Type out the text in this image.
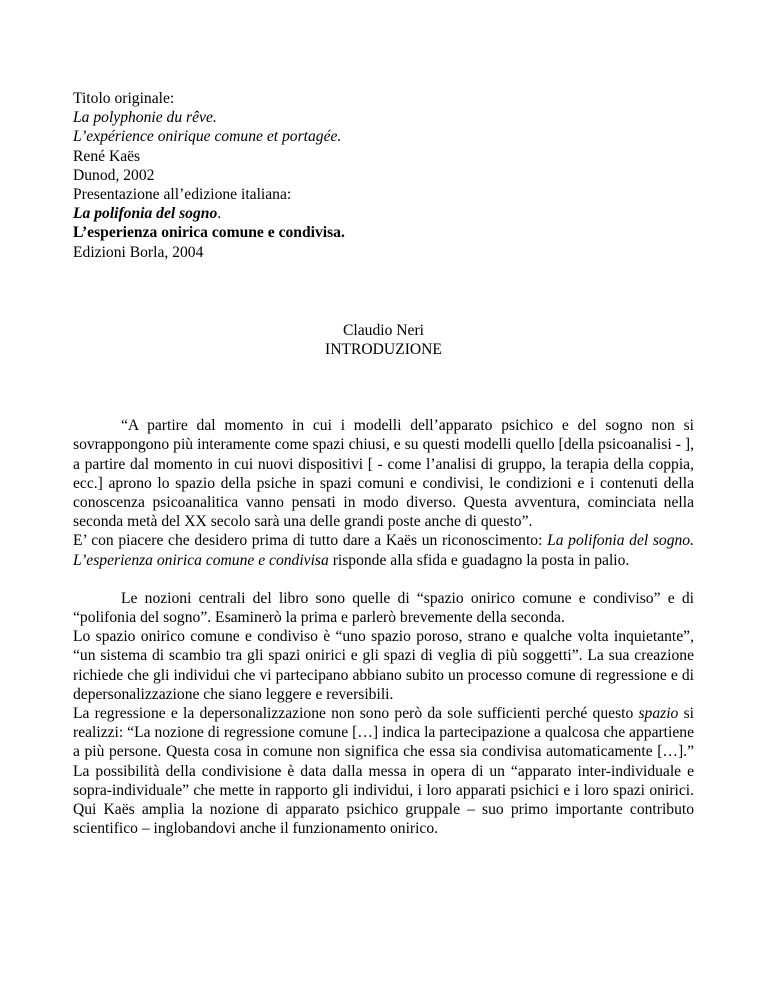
Titolo originale:
La polyphonie du rêve.
L’expérience onirique comune et portagée.
René Kaës
Dunod, 2002
Presentazione all’edizione italiana:
La polifonia del sogno.
L’esperienza onirica comune e condivisa.
Edizioni Borla, 2004
Claudio Neri
INTRODUZIONE

“A partire dal momento in cui i modelli dell’apparato psichico e del sogno non si sovrappongono più interamente come spazi chiusi, e su questi modelli quello [della psicoanalisi - ], a partire dal momento in cui nuovi dispositivi [ - come l’analisi di gruppo, la terapia della coppia, ecc.] aprono lo spazio della psiche in spazi comuni e condivisi, le condizioni e i contenuti della conoscenza psicoanalitica vanno pensati in modo diverso. Questa avventura, cominciata nella seconda metà del XX secolo sarà una delle grandi poste anche di questo”.

E’ con piacere che desidero prima di tutto dare a Kaës un riconoscimento: La polifonia del sogno. L’esperienza onirica comune e condivisa risponde alla sfida e guadagno la posta in palio.

Le nozioni centrali del libro sono quelle di “spazio onirico comune e condiviso” e di “polifonia del sogno”. Esaminerò la prima e parlerò brevemente della seconda.

Lo spazio onirico comune e condiviso è “uno spazio poroso, strano e qualche volta inquietante”, “un sistema di scambio tra gli spazi onirici e gli spazi di veglia di più soggetti”. La sua creazione richiede che gli individui che vi partecipano abbiano subito un processo comune di regressione e di depersonalizzazione che siano leggere e reversibili.

La regressione e la depersonalizzazione non sono però da sole sufficienti perché questo spazio si realizzi: “La nozione di regressione comune […] indica la partecipazione a qualcosa che appartiene a più persone. Questa cosa in comune non significa che essa sia condivisa automaticamente […].” La possibilità della condivisione è data dalla messa in opera di un “apparato inter-individuale e sopra-individuale” che mette in rapporto gli individui, i loro apparati psichici e i loro spazi onirici. Qui Kaës amplia la nozione di apparato psichico gruppale – suo primo importante contributo scientifico – inglobandovi anche il funzionamento onirico.
